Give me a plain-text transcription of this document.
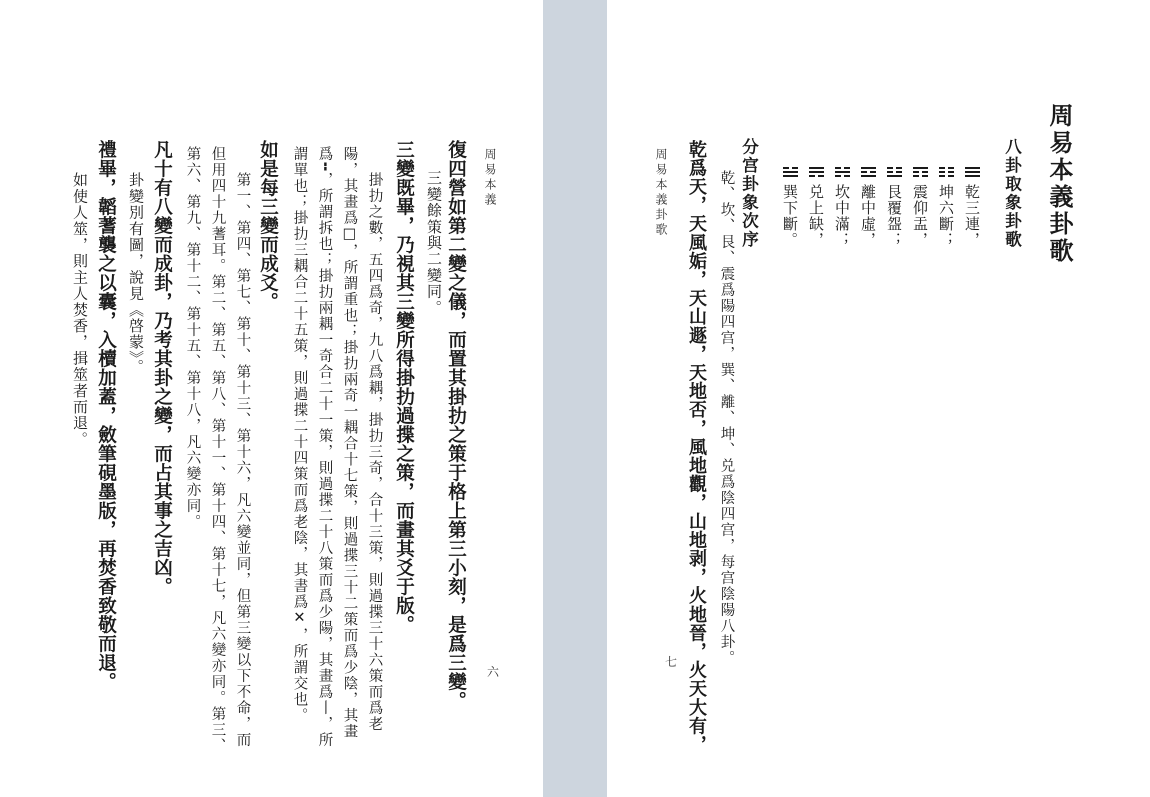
周易本義
六
復四營如第二變之儀，而置其掛扐之策于格上第三小刻，是爲三變。
三變餘策與二變同。
三變既畢，乃視其三變所得掛扐過揲之策，而畫其爻于版。
掛扐之數，五四爲奇，九八爲耦，掛扐三奇，合十三策，則過揲三十六策而爲老
陽，其畫爲□，所謂重也；掛扐兩奇一耦合十七策，則過揲三十二策而爲少陰，其畫
爲╍，所謂拆也；掛扐兩耦一奇合二十一策，則過揲二十八策而爲少陽，其畫爲⼁，所
謂單也；掛扐三耦合二十五策，則過揲二十四策而爲老陰，其書爲✕，所謂交也。
如是每三變而成爻。
第一、第四、第七、第十、第十三、第十六，凡六變並同，但第三變以下不命，而
但用四十九蓍耳。第二、第五、第八、第十一、第十四、第十七，凡六變亦同。第三、
第六、第九、第十二、第十五、第十八，凡六變亦同。
凡十有八變而成卦，乃考其卦之變，而占其事之吉凶。
卦變別有圖，說見《啓蒙》。
禮畢，韜蓍襲之以囊，入櫝加蓋，斂筆硯墨版，再焚香致敬而退。
如使人筮，則主人焚香，揖筮者而退。	周易本義卦歌
八卦取象卦歌
乾三連，
坤六斷；
震仰盂，
艮覆盌；
離中虛，
坎中滿；
兑上缺，
巽下斷。
分宫卦象次序
乾、坎、艮、震爲陽四宫，巽、離、坤、兑爲陰四宫，每宫陰陽八卦。
乾爲天，天風姤，天山遯，天地否，風地觀，山地剥，火地晉，火天大有，
周易本義卦歌
七
